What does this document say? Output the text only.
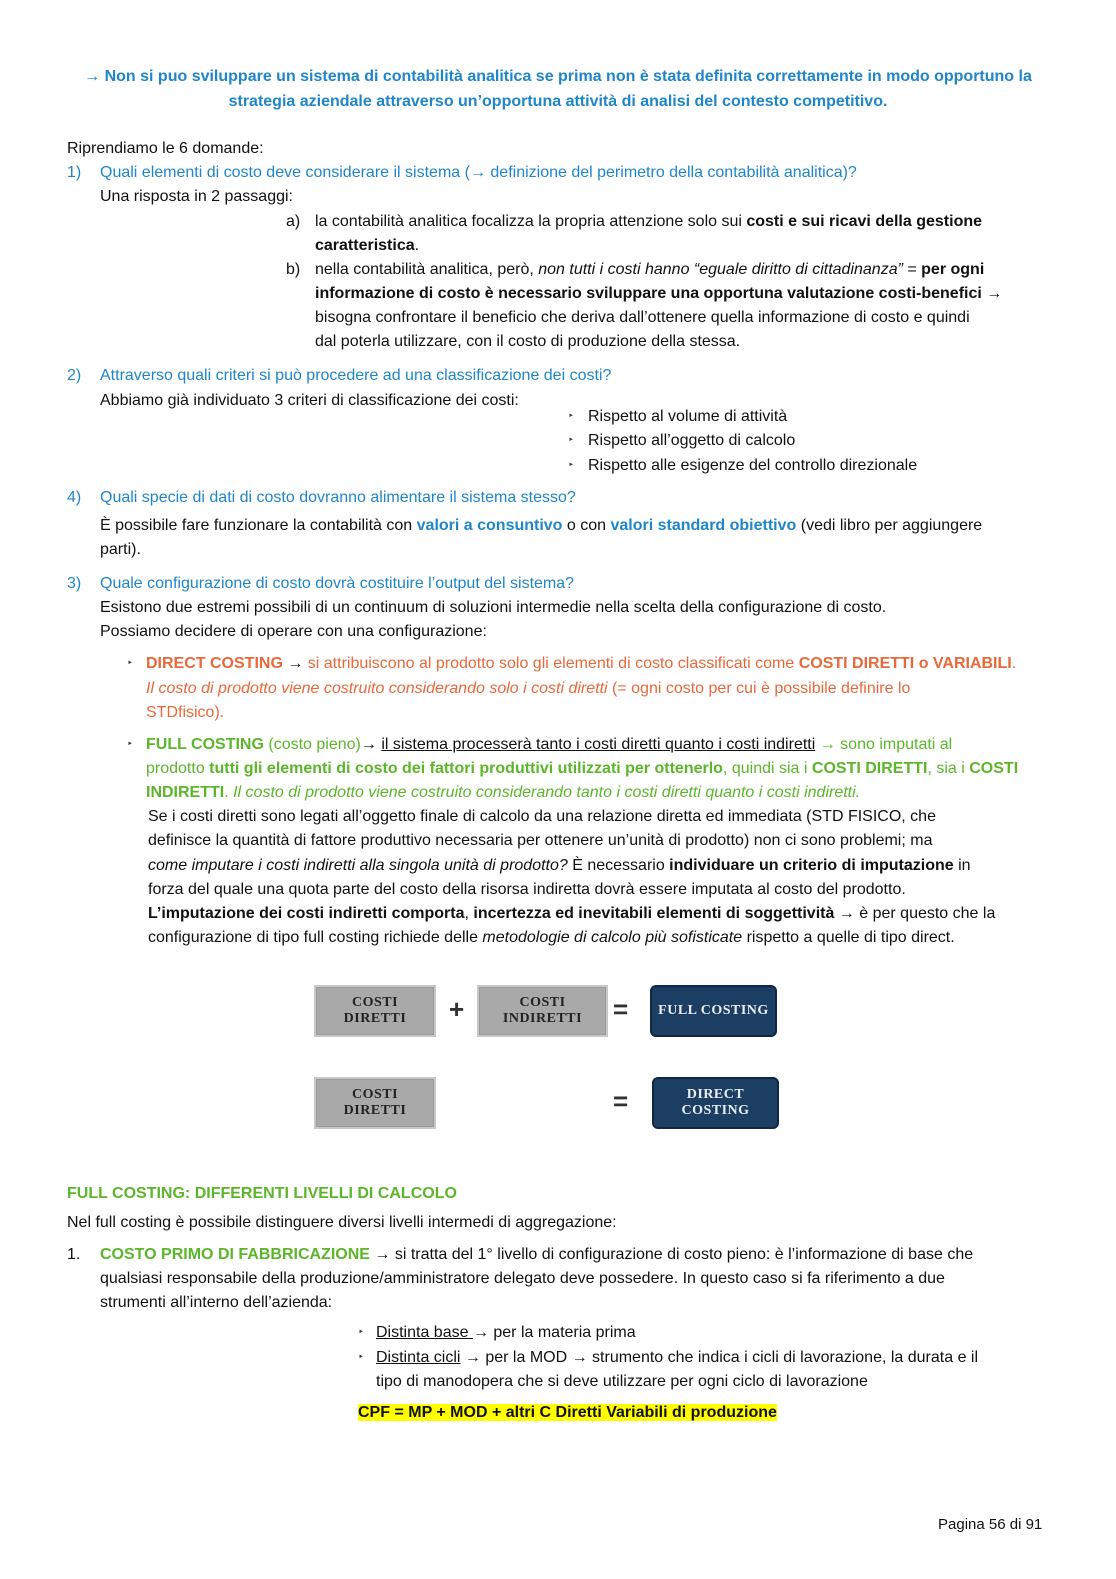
→ Non si puo sviluppare un sistema di contabilità analitica se prima non è stata definita correttamente in modo opportuno la
strategia aziendale attraverso un’opportuna attività di analisi del contesto competitivo.
Riprendiamo le 6 domande:
1) Quali elementi di costo deve considerare il sistema (→ definizione del perimetro della contabilità analitica)?
Una risposta in 2 passaggi:
a) la contabilità analitica focalizza la propria attenzione solo sui costi e sui ricavi della gestione
caratteristica.
b) nella contabilità analitica, però, non tutti i costi hanno “eguale diritto di cittadinanza” = per ogni
informazione di costo è necessario sviluppare una opportuna valutazione costi-benefici →
bisogna confrontare il beneficio che deriva dall’ottenere quella informazione di costo e quindi
dal poterla utilizzare, con il costo di produzione della stessa.
2) Attraverso quali criteri si può procedere ad una classificazione dei costi?
Abbiamo già individuato 3 criteri di classificazione dei costi:
‣ Rispetto al volume di attività
‣ Rispetto all’oggetto di calcolo
‣ Rispetto alle esigenze del controllo direzionale
4) Quali specie di dati di costo dovranno alimentare il sistema stesso?
È possibile fare funzionare la contabilità con valori a consuntivo o con valori standard obiettivo (vedi libro per aggiungere
parti).
3) Quale configurazione di costo dovrà costituire l’output del sistema?
Esistono due estremi possibili di un continuum di soluzioni intermedie nella scelta della configurazione di costo.
Possiamo decidere di operare con una configurazione:
‣ DIRECT COSTING → si attribuiscono al prodotto solo gli elementi di costo classificati come COSTI DIRETTI o VARIABILI.
Il costo di prodotto viene costruito considerando solo i costi diretti (= ogni costo per cui è possibile definire lo
STDfisico).
‣ FULL COSTING (costo pieno)→ il sistema processerà tanto i costi diretti quanto i costi indiretti → sono imputati al
prodotto tutti gli elementi di costo dei fattori produttivi utilizzati per ottenerlo, quindi sia i COSTI DIRETTI, sia i COSTI
INDIRETTI. Il costo di prodotto viene costruito considerando tanto i costi diretti quanto i costi indiretti.
Se i costi diretti sono legati all’oggetto finale di calcolo da una relazione diretta ed immediata (STD FISICO, che
definisce la quantità di fattore produttivo necessaria per ottenere un’unità di prodotto) non ci sono problemi; ma
come imputare i costi indiretti alla singola unità di prodotto? È necessario individuare un criterio di imputazione in
forza del quale una quota parte del costo della risorsa indiretta dovrà essere imputata al costo del prodotto.
L’imputazione dei costi indiretti comporta, incertezza ed inevitabili elementi di soggettività → è per questo che la
configurazione di tipo full costing richiede delle metodologie di calcolo più sofisticate rispetto a quelle di tipo direct.
COSTI
DIRETTI +	COSTI
INDIRETTI =	FULL COSTING
COSTI
DIRETTI	=	DIRECT COSTING
FULL COSTING: DIFFERENTI LIVELLI DI CALCOLO
Nel full costing è possibile distinguere diversi livelli intermedi di aggregazione:
1. COSTO PRIMO DI FABBRICAZIONE → si tratta del 1° livello di configurazione di costo pieno: è l’informazione di base che
qualsiasi responsabile della produzione/amministratore delegato deve possedere. In questo caso si fa riferimento a due
strumenti all’interno dell’azienda:
‣ Distinta base → per la materia prima
‣ Distinta cicli → per la MOD → strumento che indica i cicli di lavorazione, la durata e il
tipo di manodopera che si deve utilizzare per ogni ciclo di lavorazione
CPF = MP + MOD + altri C Diretti Variabili di produzione
Pagina 56 di 91
